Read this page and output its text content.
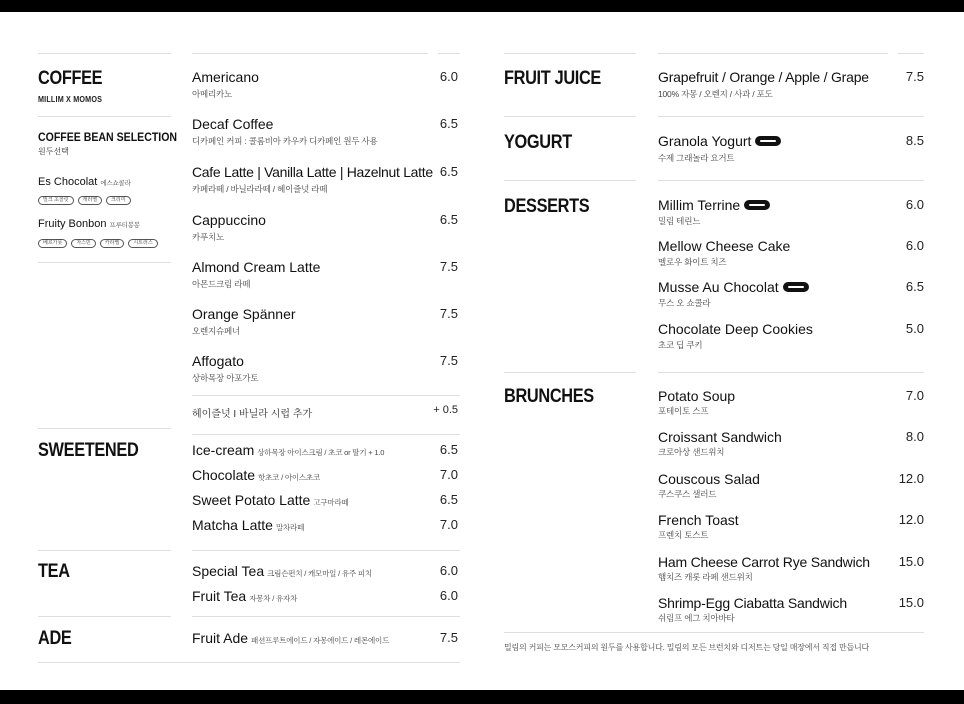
COFFEE
MILLIM X MOMOS
COFFEE BEAN SELECTION
원두선택
Es Chocolat 에스쇼콜라
밀크 초콜릿	캐러멜	크리미
Fruity Bonbon 프루티봉봉
베르가못	자스민	카라멜	시트러스
Americano
아메리카노
6.0
Decaf Coffee
디카페인 커피 : 콜롬비아 카우카 디카페인 원두 사용
6.5
Cafe Latte | Vanilla Latte | Hazelnut Latte
카페라떼 / 바닐라라떼 / 헤이즐넛 라떼
6.5
Cappuccino
카푸치노
6.5
Almond Cream Latte
아몬드크림 라떼
7.5
Orange Spänner
오렌지슈페너
7.5
Affogato
상하목장 아포가토
7.5
헤이즐넛 I 바닐라 시럽 추가	+ 0.5
SWEETENED	Ice-cream 상하목장 아이스크림 / 초코 or 딸기 + 1.0	6.5
Chocolate 핫초코 / 아이스초코	7.0
Sweet Potato Latte 고구마라떼	6.5
Matcha Latte 말차라떼	7.0
TEA	Special Tea 크림슨펀치 / 캐모마일 / 유주 피치	6.0
Fruit Tea 자몽차 / 유자차	6.0
ADE	Fruit Ade 패션프루트에이드 / 자몽에이드 / 레몬에이드	7.5
FRUIT JUICE	Grapefruit / Orange / Apple / Grape
100% 자몽 / 오렌지 / 사과 / 포도
7.5
YOGURT	Granola Yogurt
수제 그래놀라 요거트
8.5
DESSERTS	Millim Terrine
밀림 테린느
6.0
Mellow Cheese Cake
멜로우 화이트 치즈
6.0
Musse Au Chocolat
무스 오 쇼콜라
6.5
Chocolate Deep Cookies
초코 딥 쿠키
5.0
BRUNCHES	Potato Soup
포테이토 스프
7.0
Croissant Sandwich
크로아상 샌드위치
8.0
Couscous Salad
쿠스쿠스 샐러드
12.0
French Toast
프렌치 토스트
12.0
Ham Cheese Carrot Rye Sandwich
햄치즈 캐롯 라페 샌드위치
15.0
Shrimp-Egg Ciabatta Sandwich
쉬림프 에그 치아바타
15.0
밀림의 커피는 모모스커피의 원두를 사용합니다. 밀림의 모든 브런치와 디저트는 당일 매장에서 직접 만듭니다
